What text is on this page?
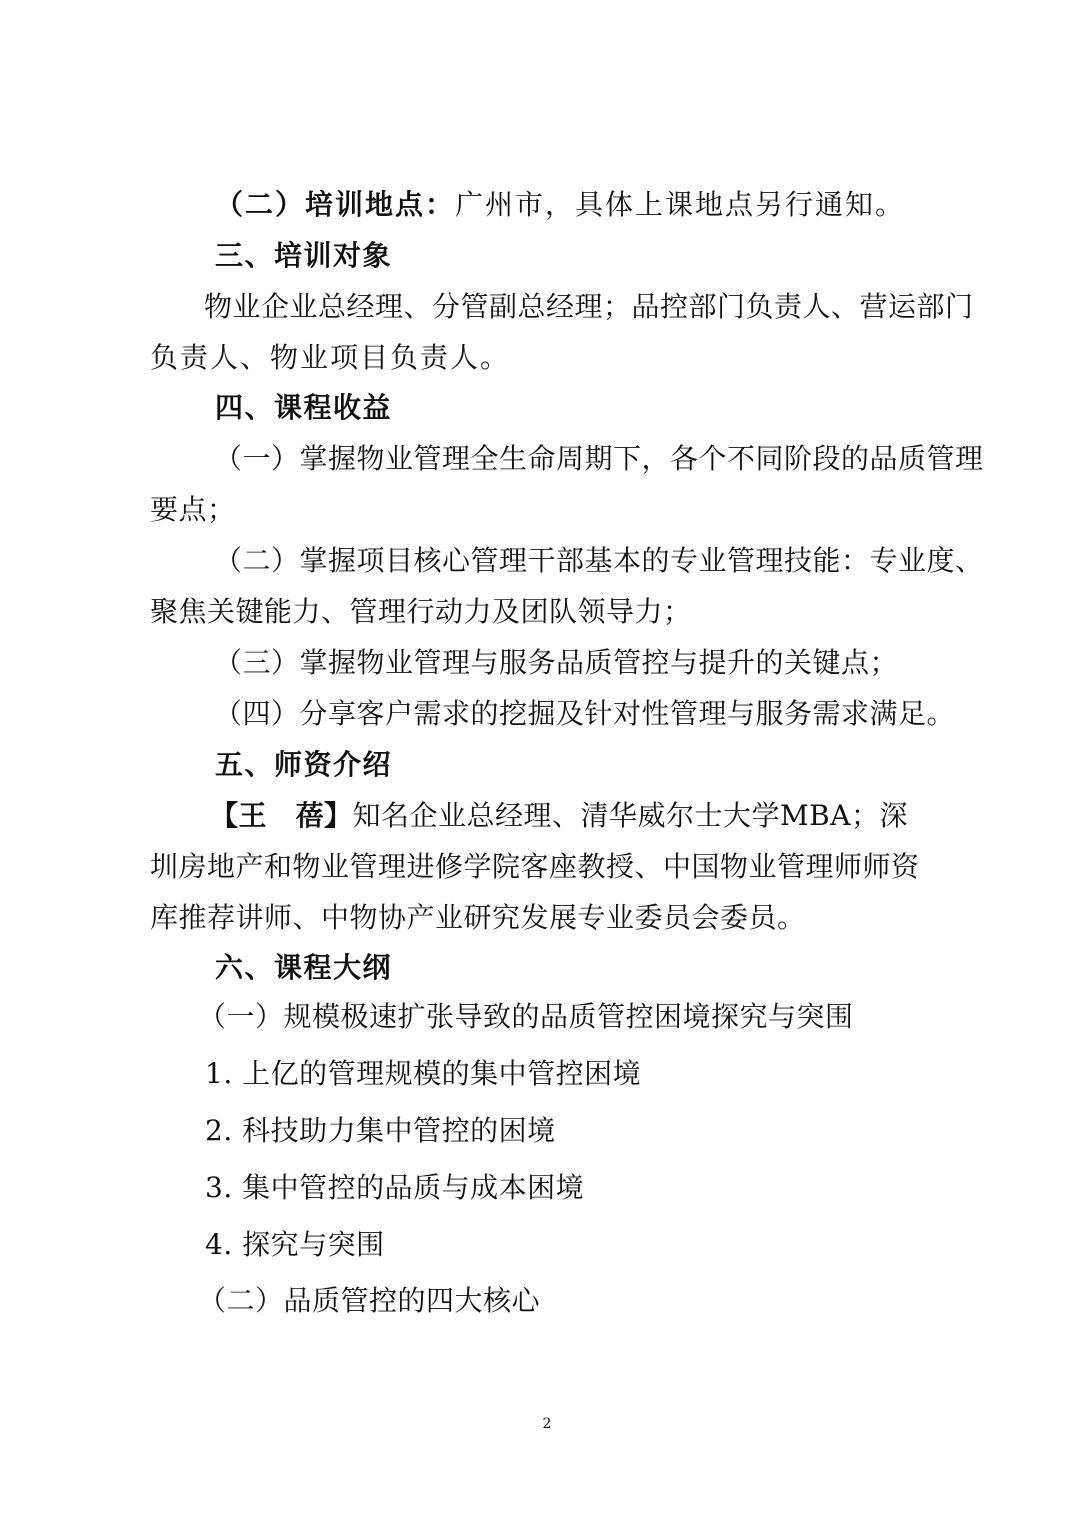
（二）培训地点：广州市，具体上课地点另行通知。
三、培训对象
物业企业总经理、分管副总经理；品控部门负责人、营运部门
负责人、物业项目负责人。
四、课程收益
（一）掌握物业管理全生命周期下，各个不同阶段的品质管理
要点；
（二）掌握项目核心管理干部基本的专业管理技能：专业度、
聚焦关键能力、管理行动力及团队领导力；
（三）掌握物业管理与服务品质管控与提升的关键点；
（四）分享客户需求的挖掘及针对性管理与服务需求满足。
五、师资介绍
【王　蓓】知名企业总经理、清华威尔士大学MBA；深
圳房地产和物业管理进修学院客座教授、中国物业管理师师资
库推荐讲师、中物协产业研究发展专业委员会委员。
六、课程大纲
（一）规模极速扩张导致的品质管控困境探究与突围
1. 上亿的管理规模的集中管控困境
2. 科技助力集中管控的困境
3. 集中管控的品质与成本困境
4. 探究与突围
（二）品质管控的四大核心
2
